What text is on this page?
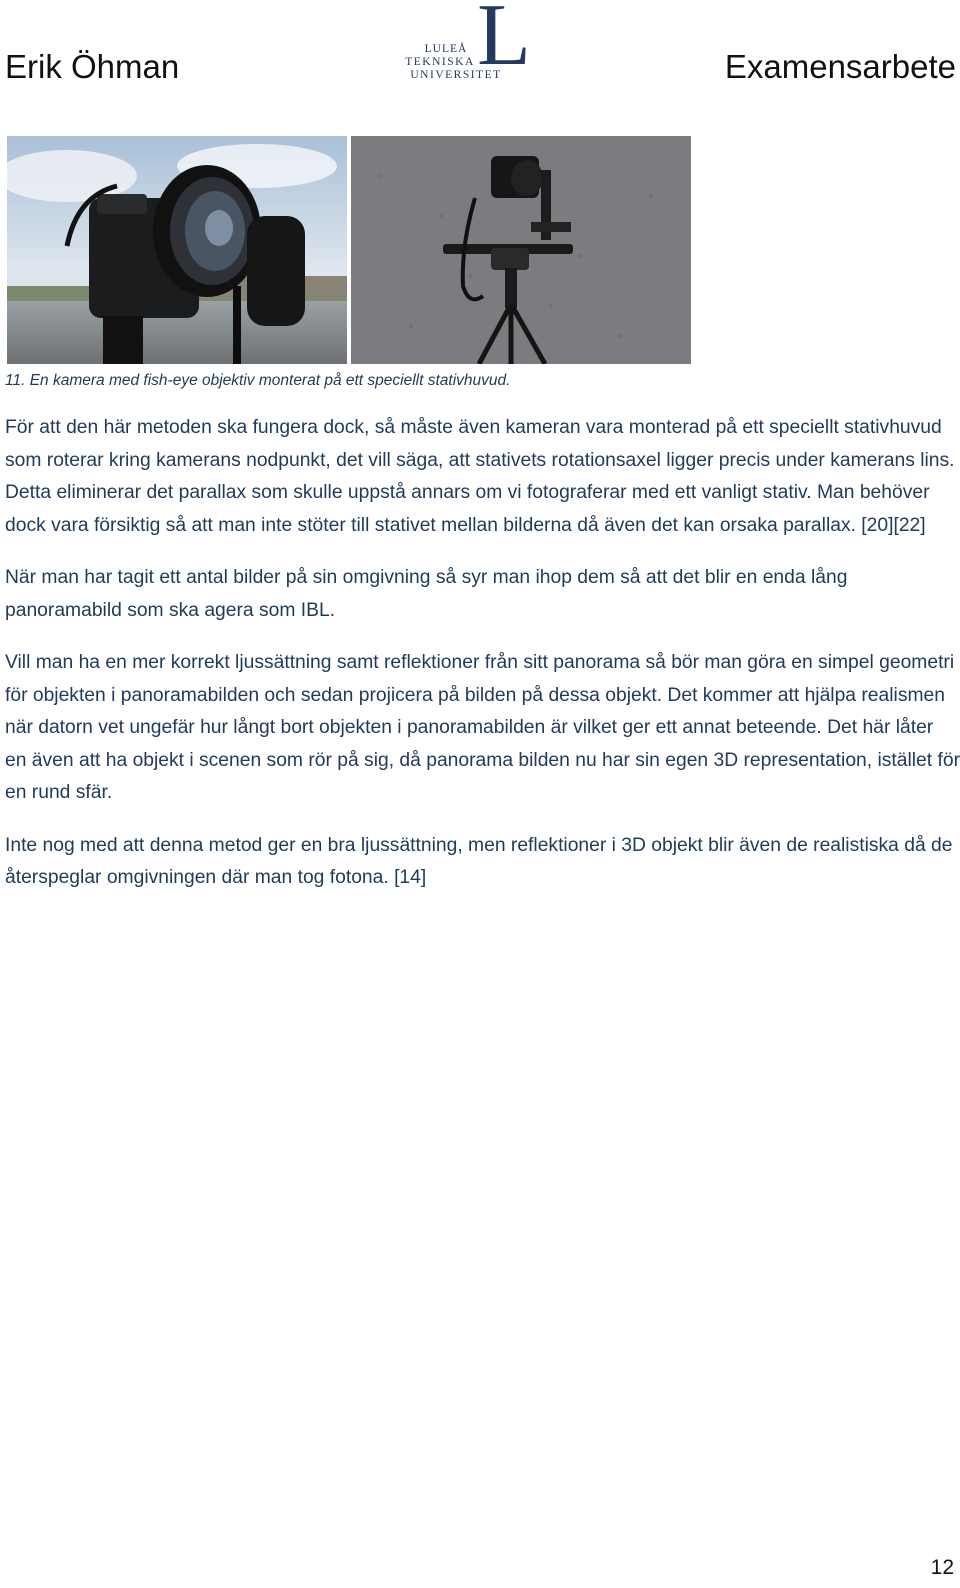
Erik Öhman	L
LULEÅ
TEKNISKA
UNIVERSITET	Examensarbete
11. En kamera med fish-eye objektiv monterat på ett speciellt stativhuvud.

För att den här metoden ska fungera dock, så måste även kameran vara monterad på ett speciellt stativhuvud som roterar kring kamerans nodpunkt, det vill säga, att stativets rotationsaxel ligger precis under kamerans lins. Detta eliminerar det parallax som skulle uppstå annars om vi fotograferar med ett vanligt stativ. Man behöver dock vara försiktig så att man inte stöter till stativet mellan bilderna då även det kan orsaka parallax. [20][22]

När man har tagit ett antal bilder på sin omgivning så syr man ihop dem så att det blir en enda lång panoramabild som ska agera som IBL.

Vill man ha en mer korrekt ljussättning samt reflektioner från sitt panorama så bör man göra en simpel geometri för objekten i panoramabilden och sedan projicera på bilden på dessa objekt. Det kommer att hjälpa realismen när datorn vet ungefär hur långt bort objekten i panoramabilden är vilket ger ett annat beteende. Det här låter en även att ha objekt i scenen som rör på sig, då panorama bilden nu har sin egen 3D representation, istället för en rund sfär.

Inte nog med att denna metod ger en bra ljussättning, men reflektioner i 3D objekt blir även de realistiska då de återspeglar omgivningen där man tog fotona. [14]

12
